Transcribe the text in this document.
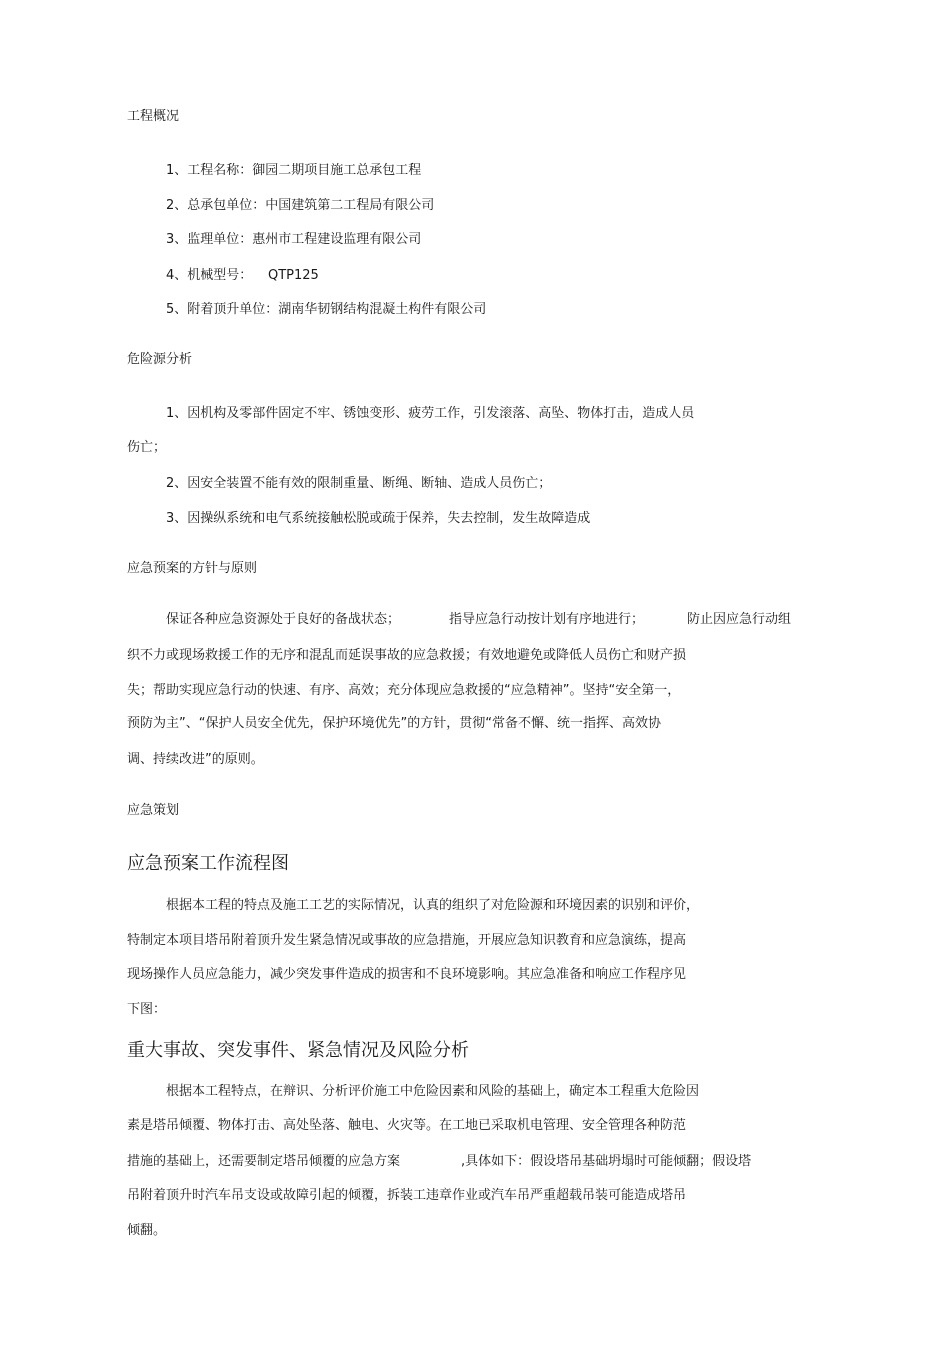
工程概况
1、工程名称：御园二期项目施工总承包工程
2、总承包单位：中国建筑第二工程局有限公司
3、监理单位：惠州市工程建设监理有限公司
4、机械型号： QTP125
5、附着顶升单位：湖南华韧钢结构混凝土构件有限公司
危险源分析
1、因机构及零部件固定不牢、锈蚀变形、疲劳工作，引发滚落、高坠、物体打击，造成人员
伤亡；
2、因安全装置不能有效的限制重量、断绳、断轴、造成人员伤亡；
3、因操纵系统和电气系统接触松脱或疏于保养，失去控制，发生故障造成
应急预案的方针与原则
保证各种应急资源处于良好的备战状态；	指导应急行动按计划有序地进行；	防止因应急行动组
织不力或现场救援工作的无序和混乱而延误事故的应急救援；有效地避免或降低人员伤亡和财产损
失；帮助实现应急行动的快速、有序、高效；充分体现应急救援的“应急精神”。坚持“安全第一，
预防为主”、“保护人员安全优先，保护环境优先”的方针，贯彻“常备不懈、统一指挥、高效协
调、持续改进”的原则。
应急策划
应急预案工作流程图
根据本工程的特点及施工工艺的实际情况，认真的组织了对危险源和环境因素的识别和评价，
特制定本项目塔吊附着顶升发生紧急情况或事故的应急措施，开展应急知识教育和应急演练，提高
现场操作人员应急能力，减少突发事件造成的损害和不良环境影响。其应急准备和响应工作程序见
下图：
重大事故、突发事件、紧急情况及风险分析
根据本工程特点，在辩识、分析评价施工中危险因素和风险的基础上，确定本工程重大危险因
素是塔吊倾覆、物体打击、高处坠落、触电、火灾等。在工地已采取机电管理、安全管理各种防范
措施的基础上，还需要制定塔吊倾覆的应急方案	,具体如下：假设塔吊基础坍塌时可能倾翻；假设塔
吊附着顶升时汽车吊支设或故障引起的倾覆，拆装工违章作业或汽车吊严重超载吊装可能造成塔吊
倾翻。
